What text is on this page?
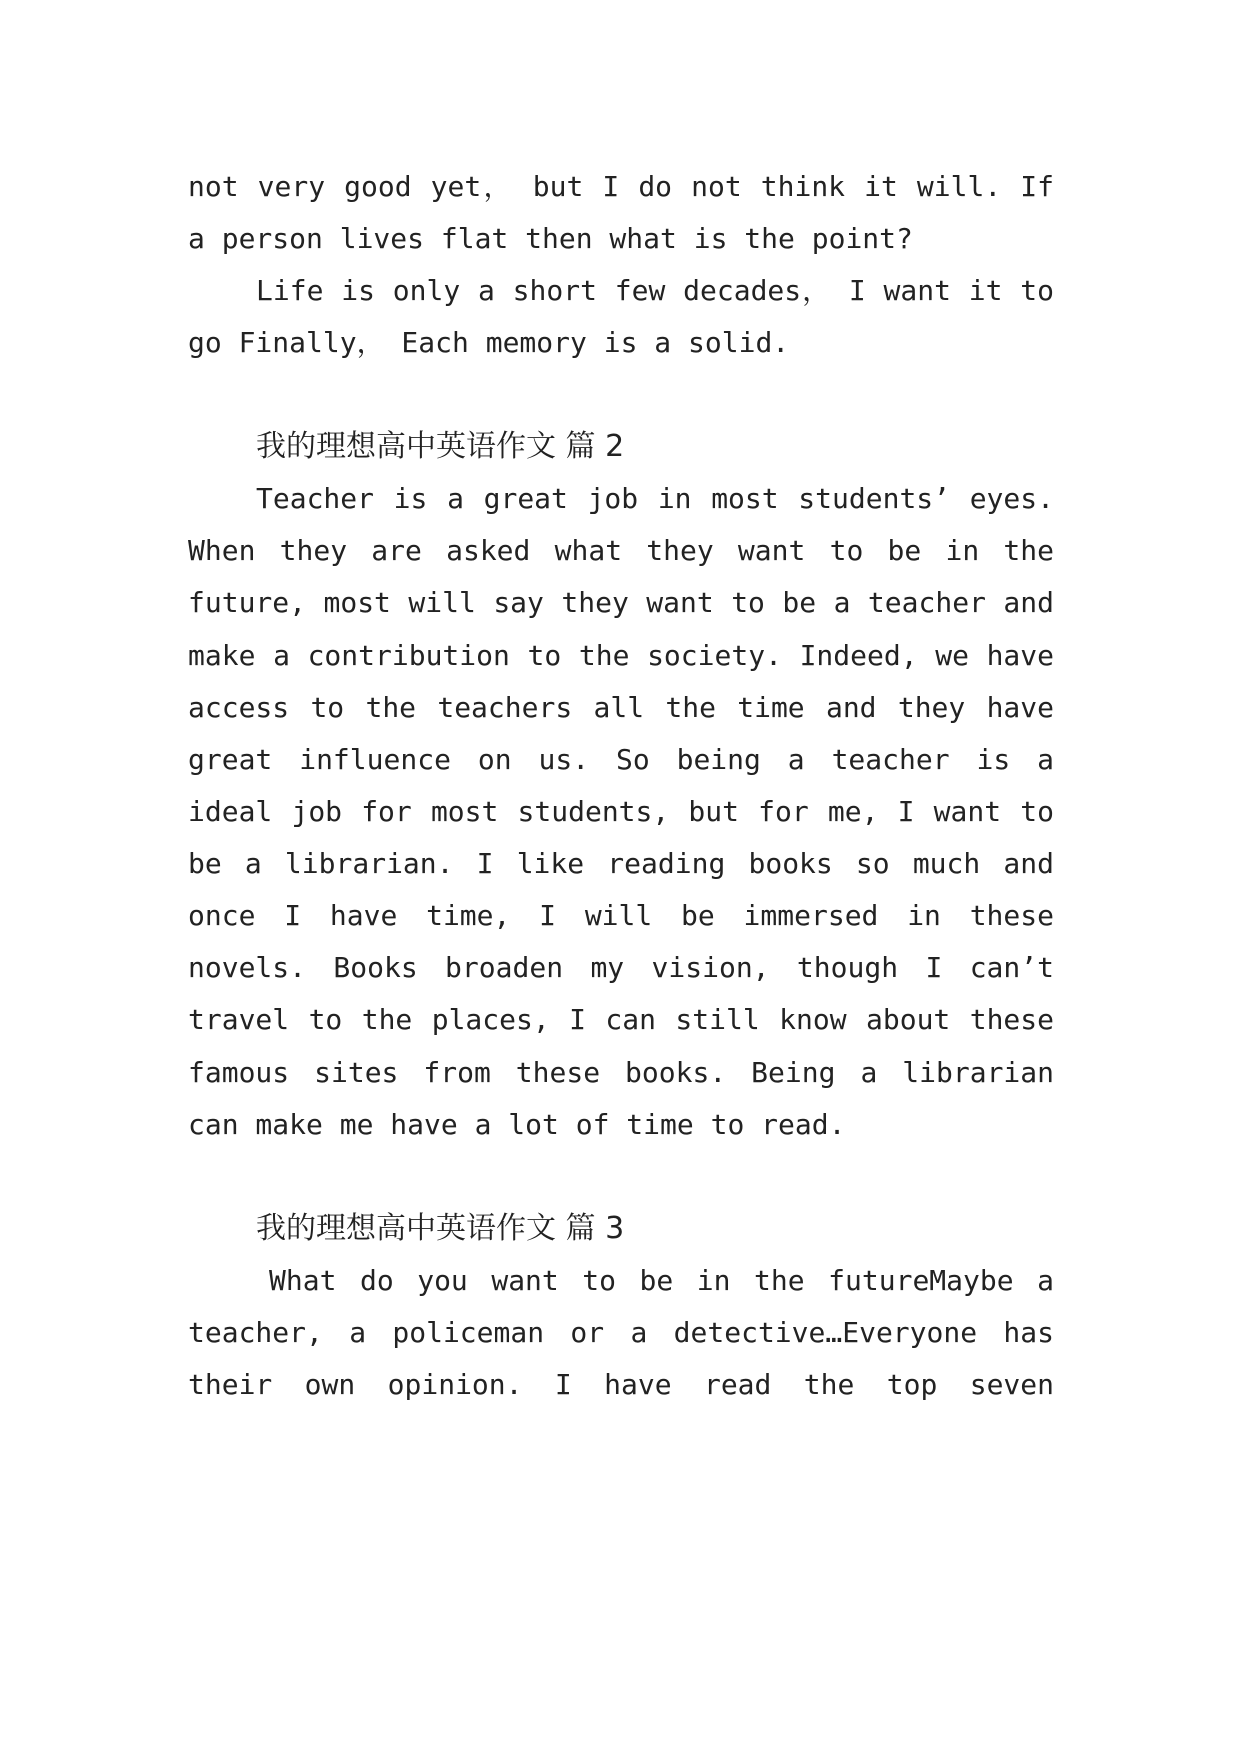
not very good yet， but I do not think it will. If
a person lives flat then what is the point?
Life is only a short few decades， I want it to
go Finally， Each memory is a solid.
我的理想高中英语作文 篇 2
Teacher is a great job in most students’ eyes.
When they are asked what they want to be in the
future, most will say they want to be a teacher and
make a contribution to the society. Indeed, we have
access to the teachers all the time and they have
great influence on us. So being a teacher is a
ideal job for most students, but for me, I want to
be a librarian. I like reading books so much and
once I have time, I will be immersed in these
novels. Books broaden my vision, though I can’t
travel to the places, I can still know about these
famous sites from these books. Being a librarian
can make me have a lot of time to read.
我的理想高中英语作文 篇 3
What do you want to be in the futureMaybe a
teacher, a policeman or a detective…Everyone has
their own opinion. I have read the top seven
